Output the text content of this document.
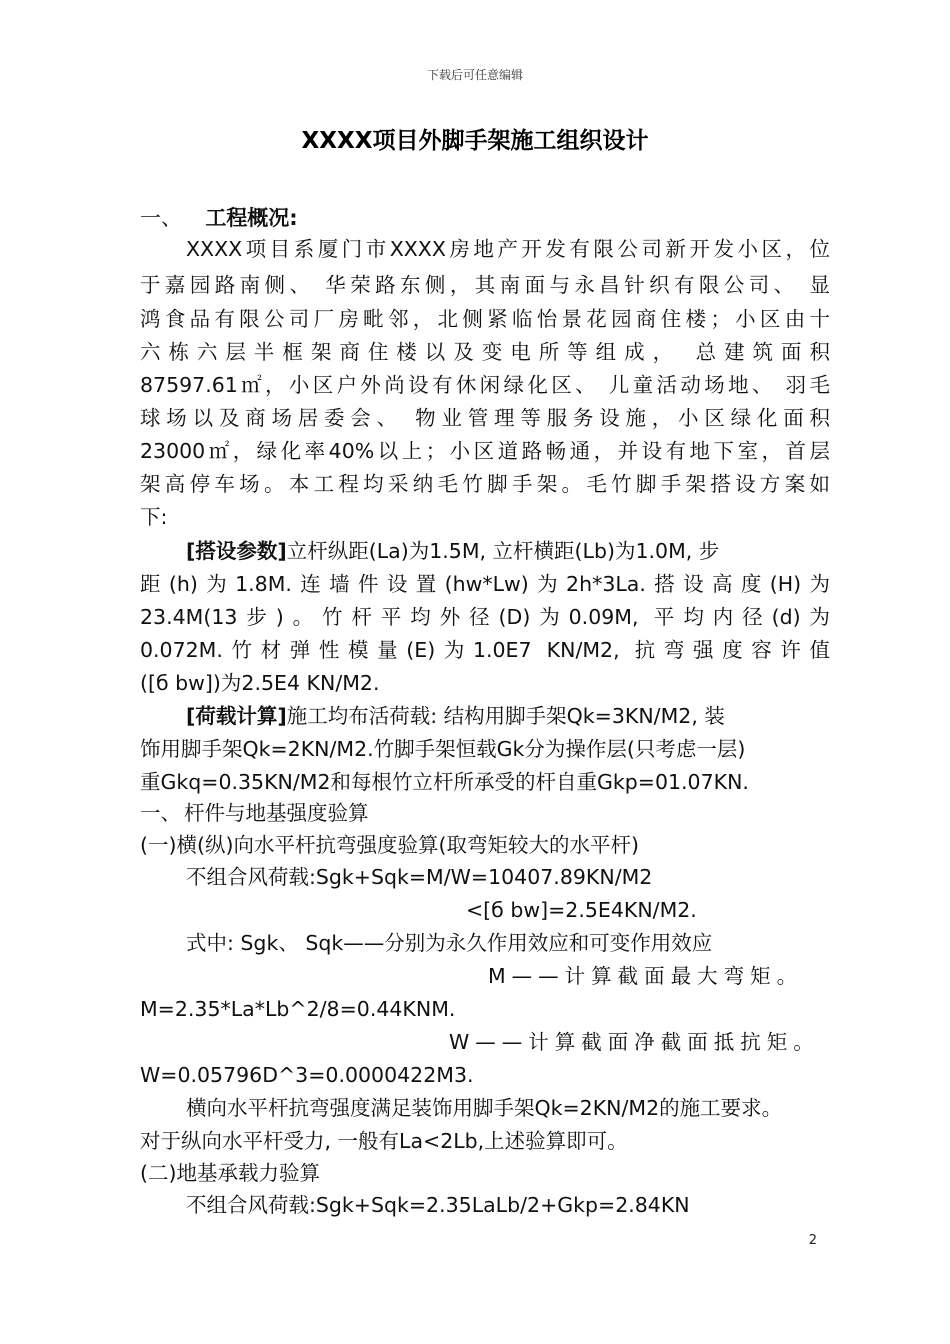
下载后可任意编辑
XXXX项目外脚手架施工组织设计
一、 工程概况:
XXXX项目系厦门市XXXX房地产开发有限公司新开发小区，位
于嘉园路南侧、 华荣路东侧，其南面与永昌针织有限公司、 显
鸿食品有限公司厂房毗邻，北侧紧临怡景花园商住楼；小区由十
六栋六层半框架商住楼以及变电所等组成， 总建筑面积
87597.61㎡，小区户外尚设有休闲绿化区、 儿童活动场地、 羽毛
球场以及商场居委会、 物业管理等服务设施，小区绿化面积
23000㎡，绿化率40%以上；小区道路畅通，并设有地下室，首层
架高停车场。本工程均采纳毛竹脚手架。毛竹脚手架搭设方案如
下:
[搭设参数]立杆纵距(La)为1.5M, 立杆横距(Lb)为1.0M, 步
距(h)为1.8M.连墙件设置(hw*Lw)为2h*3La.搭设高度(H)为
23.4M(13步)。竹杆平均外径(D)为0.09M, 平均内径(d)为
0.072M.竹材弹性模量(E)为1.0E7 KN/M2, 抗弯强度容许值
([б bw])为2.5E4 KN/M2.
[荷载计算]施工均布活荷载: 结构用脚手架Qk=3KN/M2, 装
饰用脚手架Qk=2KN/M2.竹脚手架恒载Gk分为操作层(只考虑一层)
重Gkq=0.35KN/M2和每根竹立杆所承受的杆自重Gkp=01.07KN.
一、 杆件与地基强度验算
(一)横(纵)向水平杆抗弯强度验算(取弯矩较大的水平杆)
不组合风荷载:Sgk+Sqk=M/W=10407.89KN/M2
<[б bw]=2.5E4KN/M2.
式中: Sgk、 Sqk——分别为永久作用效应和可变作用效应
M——计算截面最大弯矩。
M=2.35*La*Lb^2/8=0.44KNM.
W——计算截面净截面抵抗矩。
W=0.05796D^3=0.0000422M3.
横向水平杆抗弯强度满足装饰用脚手架Qk=2KN/M2的施工要求。
对于纵向水平杆受力, 一般有La<2Lb,上述验算即可。
(二)地基承载力验算
不组合风荷载:Sgk+Sqk=2.35LaLb/2+Gkp=2.84KN
2
